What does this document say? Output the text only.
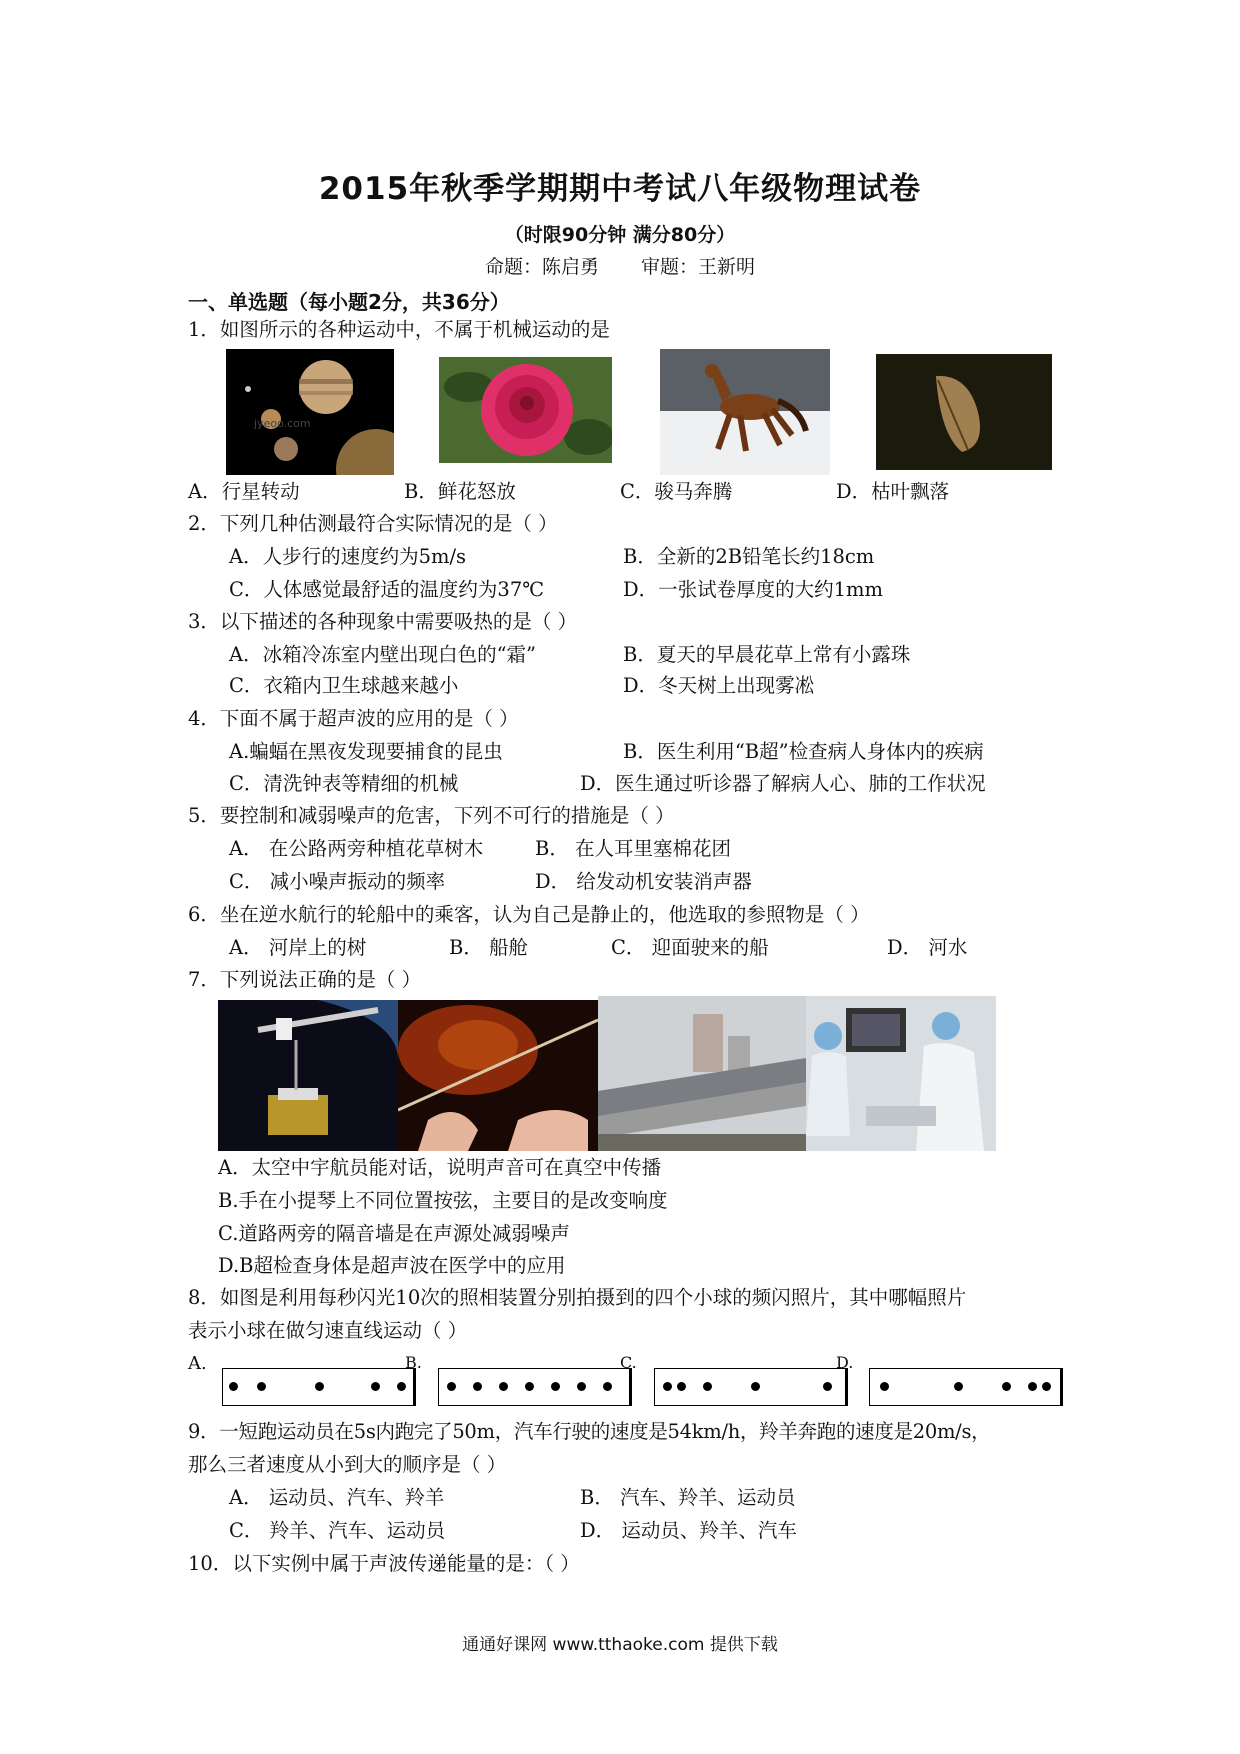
2015年秋季学期期中考试八年级物理试卷
（时限90分钟 满分80分）
命题：陈启勇 审题：王新明
一、单选题（每小题2分，共36分）
1．如图所示的各种运动中，不属于机械运动的是
jyeoo.com
A．行星转动	B．鲜花怒放	C．骏马奔腾	D．枯叶飘落
2．下列几种估测最符合实际情况的是（ ）
A．人步行的速度约为5m/s	B．全新的2B铅笔长约18cm
C．人体感觉最舒适的温度约为37℃	D．一张试卷厚度的大约1mm
3．以下描述的各种现象中需要吸热的是（ ）
A．冰箱冷冻室内壁出现白色的“霜”	B．夏天的早晨花草上常有小露珠
C．衣箱内卫生球越来越小	D．冬天树上出现雾凇
4．下面不属于超声波的应用的是（ ）
A.蝙蝠在黑夜发现要捕食的昆虫	B．医生利用“B超”检查病人身体内的疾病
C．清洗钟表等精细的机械	D．医生通过听诊器了解病人心、肺的工作状况
5．要控制和减弱噪声的危害，下列不可行的措施是（ ）
A． 在公路两旁种植花草树木	B． 在人耳里塞棉花团
C． 减小噪声振动的频率	D． 给发动机安装消声器
6．坐在逆水航行的轮船中的乘客，认为自己是静止的，他选取的参照物是（ ）
A． 河岸上的树	B． 船舱	C． 迎面驶来的船	D． 河水
7．下列说法正确的是（ ）
A．太空中宇航员能对话，说明声音可在真空中传播
B.手在小提琴上不同位置按弦，主要目的是改变响度
C.道路两旁的隔音墙是在声源处减弱噪声
D.B超检查身体是超声波在医学中的应用
8．如图是利用每秒闪光10次的照相装置分别拍摄到的四个小球的频闪照片，其中哪幅照片
表示小球在做匀速直线运动（ ）
A.	B.	C.	D.
9．一短跑运动员在5s内跑完了50m，汽车行驶的速度是54km/h，羚羊奔跑的速度是20m/s，
那么三者速度从小到大的顺序是（ ）
A． 运动员、汽车、羚羊	B． 汽车、羚羊、运动员
C． 羚羊、汽车、运动员	D． 运动员、羚羊、汽车
10．以下实例中属于声波传递能量的是：（ ）
通通好课网 www.tthaoke.com 提供下载
